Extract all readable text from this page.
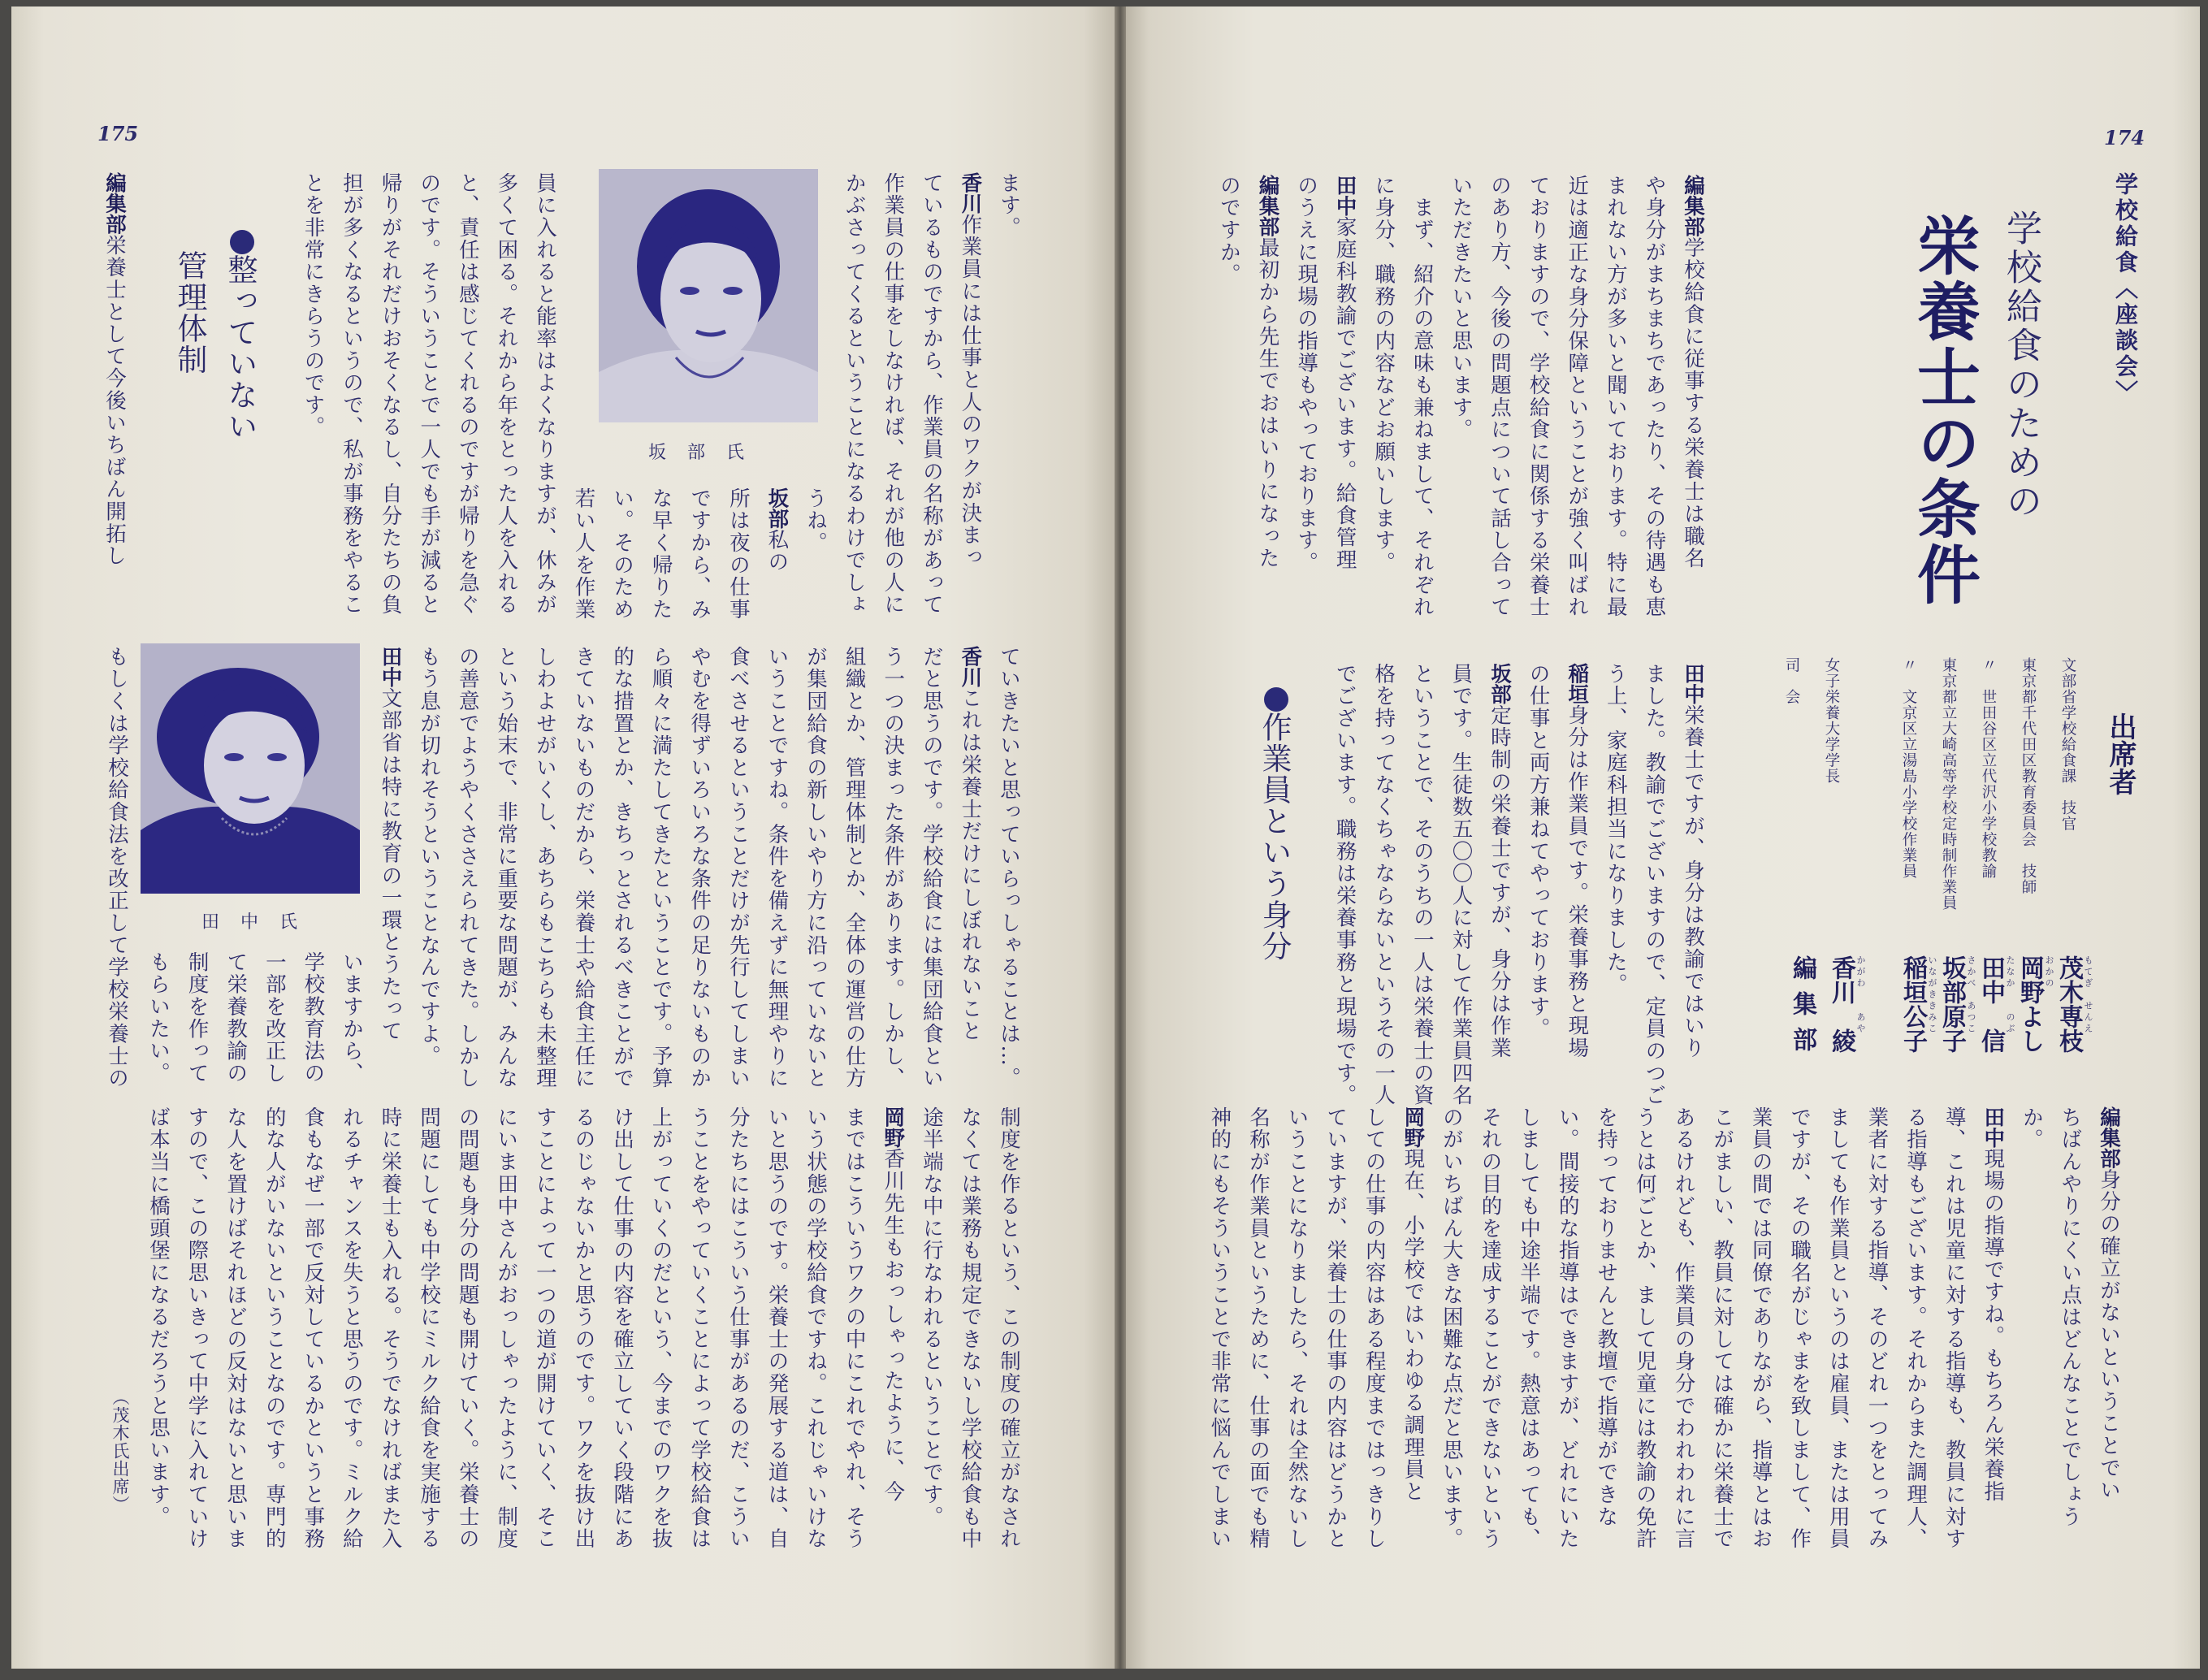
175
ます。
香川作業員には仕事と人のワクが決まっ
ているものですから、作業員の名称があって
作業員の仕事をしなければ、それが他の人に
かぶさってくるということになるわけでしょ
坂部氏
うね。
坂部私の
所は夜の仕事
ですから、み
な早く帰りた
い。そのため
若い人を作業
員に入れると能率はよくなりますが、休みが
多くて困る。それから年をとった人を入れる
と、責任は感じてくれるのですが帰りを急ぐ
のです。そういうことで一人でも手が減ると
帰りがそれだけおそくなるし、自分たちの負
担が多くなるというので、私が事務をやるこ
とを非常にきらうのです。
整っていない
管理体制
編集部栄養士として今後いちばん開拓し
ていきたいと思っていらっしゃることは…。
香川これは栄養士だけにしぼれないこと
だと思うのです。学校給食には集団給食とい
う一つの決まった条件があります。しかし、
組織とか、管理体制とか、全体の運営の仕方
が集団給食の新しいやり方に沿っていないと
いうことですね。条件を備えずに無理やりに
食べさせるということだけが先行してしまい
やむを得ずいろいろな条件の足りないものか
ら順々に満たしてきたということです。予算
的な措置とか、きちっとされるべきことがで
きていないものだから、栄養士や給食主任に
しわよせがいくし、あちらもこちらも未整理
という始末で、非常に重要な問題が、みんな
の善意でようやくささえられてきた。しかし
もう息が切れそうということなんですよ。
田中文部省は特に教育の一環とうたって
田中氏
いますから、
学校教育法の
一部を改正し
て栄養教諭の
制度を作って
もらいたい。
もしくは学校給食法を改正して学校栄養士の
制度を作るという、この制度の確立がなされ
なくては業務も規定できないし学校給食も中
途半端な中に行なわれるということです。
岡野香川先生もおっしゃったように、今
まではこういうワクの中にこれでやれ、そう
いう状態の学校給食ですね。これじゃいけな
いと思うのです。栄養士の発展する道は、自
分たちにはこういう仕事があるのだ、こうい
うことをやっていくことによって学校給食は
上がっていくのだという、今までのワクを抜
け出して仕事の内容を確立していく段階にあ
るのじゃないかと思うのです。ワクを抜け出
すことによって一つの道が開けていく、そこ
にいま田中さんがおっしゃったように、制度
の問題も身分の問題も開けていく。栄養士の
問題にしても中学校にミルク給食を実施する
時に栄養士も入れる。そうでなければまた入
れるチャンスを失うと思うのです。ミルク給
食もなぜ一部で反対しているかというと事務
的な人がいないということなのです。専門的
な人を置けばそれほどの反対はないと思いま
すので、この際思いきって中学に入れていけ
ば本当に橋頭堡になるだろうと思います。
（茂木氏出席）
174
学校給食〈座談会〉
学校給食のための
栄養士の条件
出席者
文部省学校給食課　技官
東京都千代田区教育委員会　技師
〃　世田谷区立代沢小学校教諭
東京都立大崎高等学校定時制作業員
〃　文京区立湯島小学校作業員
女子栄養大学学長
司　会
茂木専枝 もてぎ　せんえ
岡野よし おかの
田中　信 たなか　　のぶ
坂部原子 さかべ　あつこ
稲垣公子 いながききみこ
香川　綾 かがわ　　あや
編集部
編集部学校給食に従事する栄養士は職名
や身分がまちまちであったり、その待遇も恵
まれない方が多いと聞いております。特に最
近は適正な身分保障ということが強く叫ばれ
ておりますので、学校給食に関係する栄養士
のあり方、今後の問題点について話し合って
いただきたいと思います。
　まず、紹介の意味も兼ねまして、それぞれ
に身分、職務の内容などお願いします。
田中家庭科教諭でございます。給食管理
のうえに現場の指導もやっております。
編集部最初から先生でおはいりになった
のですか。
田中栄養士ですが、身分は教諭ではいり
ました。教諭でございますので、定員のつご
う上、家庭科担当になりました。
稲垣身分は作業員です。栄養事務と現場
の仕事と両方兼ねてやっております。
坂部定時制の栄養士ですが、身分は作業
員です。生徒数五〇〇人に対して作業員四名
ということで、そのうちの一人は栄養士の資
格を持ってなくちゃならないというその一人
でございます。職務は栄養事務と現場です。
作業員という身分
編集部身分の確立がないということでい
ちばんやりにくい点はどんなことでしょう
か。
田中現場の指導ですね。もちろん栄養指
導、これは児童に対する指導も、教員に対す
る指導もございます。それからまた調理人、
業者に対する指導、そのどれ一つをとってみ
ましても作業員というのは雇員、または用員
ですが、その職名がじゃまを致しまして、作
業員の間では同僚でありながら、指導とはお
こがましい、教員に対しては確かに栄養士で
あるけれども、作業員の身分でわれわれに言
うとは何ごとか、まして児童には教諭の免許
を持っておりませんと教壇で指導ができな
い。間接的な指導はできますが、どれにいた
しましても中途半端です。熱意はあっても、
それの目的を達成することができないという
のがいちばん大きな困難な点だと思います。
岡野現在、小学校ではいわゆる調理員と
しての仕事の内容はある程度まではっきりし
ていますが、栄養士の仕事の内容はどうかと
いうことになりましたら、それは全然ないし
名称が作業員というために、仕事の面でも精
神的にもそういうことで非常に悩んでしまい
